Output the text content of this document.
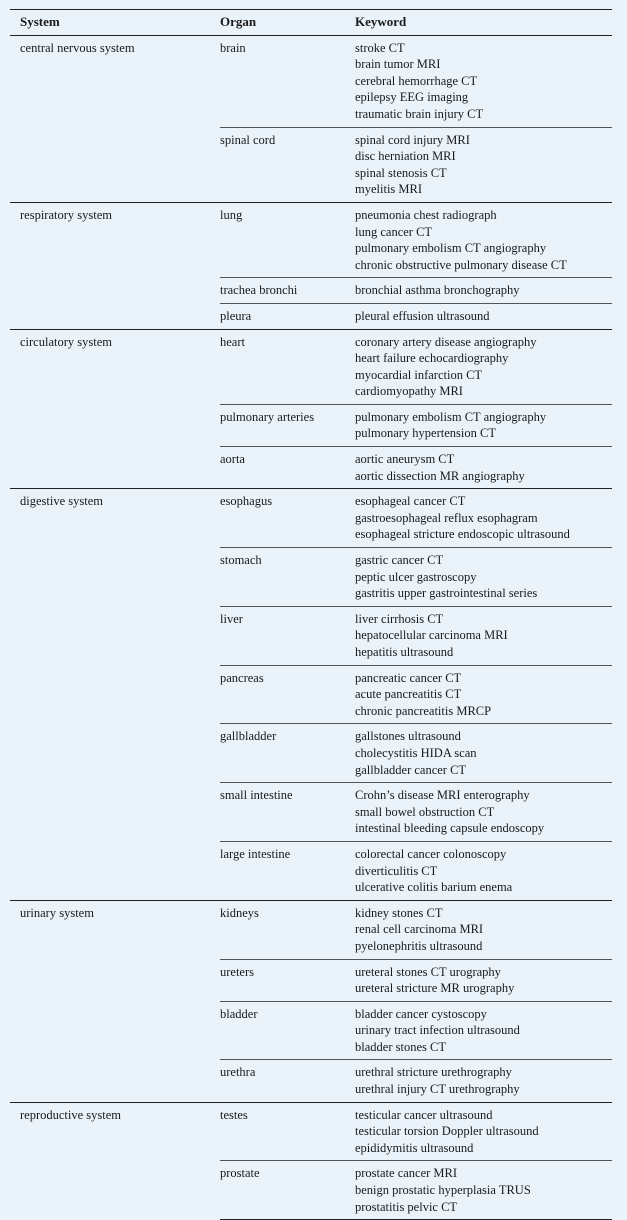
System	Organ	Keyword
central nervous system	brain	stroke CT
brain tumor MRI
cerebral hemorrhage CT
epilepsy EEG imaging
traumatic brain injury CT

	spinal cord	spinal cord injury MRI
disc herniation MRI
spinal stenosis CT
myelitis MRI

respiratory system	lung	pneumonia chest radiograph
lung cancer CT
pulmonary embolism CT angiography
chronic obstructive pulmonary disease CT

	trachea bronchi	bronchial asthma bronchography

	pleura	pleural effusion ultrasound

circulatory system	heart	coronary artery disease angiography
heart failure echocardiography
myocardial infarction CT
cardiomyopathy MRI

	pulmonary arteries	pulmonary embolism CT angiography
pulmonary hypertension CT

	aorta	aortic aneurysm CT
aortic dissection MR angiography

digestive system	esophagus	esophageal cancer CT
gastroesophageal reflux esophagram
esophageal stricture endoscopic ultrasound

	stomach	gastric cancer CT
peptic ulcer gastroscopy
gastritis upper gastrointestinal series

	liver	liver cirrhosis CT
hepatocellular carcinoma MRI
hepatitis ultrasound

	pancreas	pancreatic cancer CT
acute pancreatitis CT
chronic pancreatitis MRCP

	gallbladder	gallstones ultrasound
cholecystitis HIDA scan
gallbladder cancer CT

	small intestine	Crohn’s disease MRI enterography
small bowel obstruction CT
intestinal bleeding capsule endoscopy

	large intestine	colorectal cancer colonoscopy
diverticulitis CT
ulcerative colitis barium enema

urinary system	kidneys	kidney stones CT
renal cell carcinoma MRI
pyelonephritis ultrasound

	ureters	ureteral stones CT urography
ureteral stricture MR urography

	bladder	bladder cancer cystoscopy
urinary tract infection ultrasound
bladder stones CT

	urethra	urethral stricture urethrography
urethral injury CT urethrography

reproductive system	testes	testicular cancer ultrasound
testicular torsion Doppler ultrasound
epididymitis ultrasound

	prostate	prostate cancer MRI
benign prostatic hyperplasia TRUS
prostatitis pelvic CT
